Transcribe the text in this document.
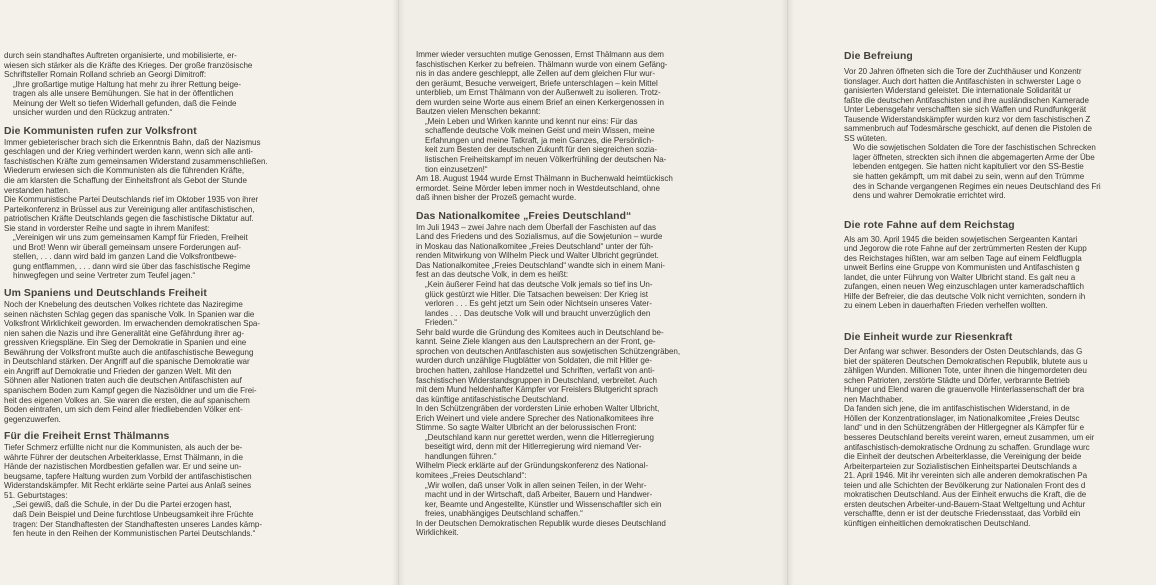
durch sein standhaftes Auftreten organisierte, und mobilisierte, er-
wiesen sich stärker als die Kräfte des Krieges. Der große französische
Schriftsteller Romain Rolland schrieb an Georgi Dimitroff:

„Ihre großartige mutige Haltung hat mehr zu ihrer Rettung beige-
tragen als alle unsere Bemühungen. Sie hat in der öffentlichen
Meinung der Welt so tiefen Widerhall gefunden, daß die Feinde
unsicher wurden und den Rückzug antraten.“

Die Kommunisten rufen zur Volksfront

Immer gebieterischer brach sich die Erkenntnis Bahn, daß der Nazismus
geschlagen und der Krieg verhindert werden kann, wenn sich alle anti-
faschistischen Kräfte zum gemeinsamen Widerstand zusammenschließen.
Wiederum erwiesen sich die Kommunisten als die führenden Kräfte,
die am klarsten die Schaffung der Einheitsfront als Gebot der Stunde
verstanden hatten.
Die Kommunistische Partei Deutschlands rief im Oktober 1935 von ihrer
Parteikonferenz in Brüssel aus zur Vereinigung aller antifaschistischen,
patriotischen Kräfte Deutschlands gegen die faschistische Diktatur auf.
Sie stand in vorderster Reihe und sagte in ihrem Manifest:

„Vereinigen wir uns zum gemeinsamen Kampf für Frieden, Freiheit
und Brot! Wenn wir überall gemeinsam unsere Forderungen auf-
stellen, . . . dann wird bald im ganzen Land die Volksfrontbewe-
gung entflammen, . . . dann wird sie über das faschistische Regime
hinwegfegen und seine Vertreter zum Teufel jagen.“

Um Spaniens und Deutschlands Freiheit

Noch der Knebelung des deutschen Volkes richtete das Naziregime
seinen nächsten Schlag gegen das spanische Volk. In Spanien war die
Volksfront Wirklichkeit geworden. Im erwachenden demokratischen Spa-
nien sahen die Nazis und ihre Generalität eine Gefährdung ihrer ag-
gressiven Kriegspläne. Ein Sieg der Demokratie in Spanien und eine
Bewährung der Volksfront mußte auch die antifaschistische Bewegung
in Deutschland stärken. Der Angriff auf die spanische Demokratie war
ein Angriff auf Demokratie und Frieden der ganzen Welt. Mit den
Söhnen aller Nationen traten auch die deutschen Antifaschisten auf
spanischem Boden zum Kampf gegen die Nazisöldner und um die Frei-
heit des eigenen Volkes an. Sie waren die ersten, die auf spanischem
Boden eintrafen, um sich dem Feind aller friedliebenden Völker ent-
gegenzuwerfen.

Für die Freiheit Ernst Thälmanns

Tiefer Schmerz erfüllte nicht nur die Kommunisten, als auch der be-
währte Führer der deutschen Arbeiterklasse, Ernst Thälmann, in die
Hände der nazistischen Mordbestien gefallen war. Er und seine un-
beugsame, tapfere Haltung wurden zum Vorbild der antifaschistischen
Widerstandskämpfer. Mit Recht erklärte seine Partei aus Anlaß seines
51. Geburtstages:

„Sei gewiß, daß die Schule, in der Du die Partei erzogen hast,
daß Dein Beispiel und Deine furchtlose Unbeugsamkeit ihre Früchte
tragen: Der Standhaftesten der Standhaftesten unseres Landes kämp-
fen heute in den Reihen der Kommunistischen Partei Deutschlands.“

Immer wieder versuchten mutige Genossen, Ernst Thälmann aus dem
faschistischen Kerker zu befreien. Thälmann wurde von einem Gefäng-
nis in das andere geschleppt, alle Zellen auf dem gleichen Flur wur-
den geräumt, Besuche verweigert, Briefe unterschlagen – kein Mittel
unterblieb, um Ernst Thälmann von der Außenwelt zu isolieren. Trotz-
dem wurden seine Worte aus einem Brief an einen Kerkergenossen in
Bautzen vielen Menschen bekannt:

„Mein Leben und Wirken kannte und kennt nur eins: Für das
schaffende deutsche Volk meinen Geist und mein Wissen, meine
Erfahrungen und meine Tatkraft, ja mein Ganzes, die Persönlich-
keit zum Besten der deutschen Zukunft für den siegreichen sozia-
listischen Freiheitskampf im neuen Völkerfrühling der deutschen Na-
tion einzusetzen!“

Am 18. August 1944 wurde Ernst Thälmann in Buchenwald heimtückisch
ermordet. Seine Mörder leben immer noch in Westdeutschland, ohne
daß ihnen bisher der Prozeß gemacht wurde.

Das Nationalkomitee „Freies Deutschland“

Im Juli 1943 – zwei Jahre nach dem Überfall der Faschisten auf das
Land des Friedens und des Sozialismus, auf die Sowjetunion – wurde
in Moskau das Nationalkomitee „Freies Deutschland“ unter der füh-
renden Mitwirkung von Wilhelm Pieck und Walter Ulbricht gegründet.
Das Nationalkomitee „Freies Deutschland“ wandte sich in einem Mani-
fest an das deutsche Volk, in dem es heißt:

„Kein äußerer Feind hat das deutsche Volk jemals so tief ins Un-
glück gestürzt wie Hitler. Die Tatsachen beweisen: Der Krieg ist
verloren . . . Es geht jetzt um Sein oder Nichtsein unseres Vater-
landes . . . Das deutsche Volk will und braucht unverzüglich den
Frieden.“

Sehr bald wurde die Gründung des Komitees auch in Deutschland be-
kannt. Seine Ziele klangen aus den Lautsprechern an der Front, ge-
sprochen von deutschen Antifaschisten aus sowjetischen Schützengräben,
wurden durch unzählige Flugblätter von Soldaten, die mit Hitler ge-
brochen hatten, zahllose Handzettel und Schriften, verfaßt von anti-
faschistischen Widerstandsgruppen in Deutschland, verbreitet. Auch
mit dem Mund heldenhafter Kämpfer vor Freislers Blutgericht sprach
das künftige antifaschistische Deutschland.
In den Schützengräben der vordersten Linie erhoben Walter Ulbricht,
Erich Weinert und viele andere Sprecher des Nationalkomitees ihre
Stimme. So sagte Walter Ulbricht an der belorussischen Front:

„Deutschland kann nur gerettet werden, wenn die Hitlerregierung
beseitigt wird, denn mit der Hitlerregierung wird niemand Ver-
handlungen führen.“

Wilhelm Pieck erklärte auf der Gründungskonferenz des National-
komitees „Freies Deutschland“:

„Wir wollen, daß unser Volk in allen seinen Teilen, in der Wehr-
macht und in der Wirtschaft, daß Arbeiter, Bauern und Handwer-
ker, Beamte und Angestellte, Künstler und Wissenschaftler sich ein
freies, unabhängiges Deutschland schaffen.“

In der Deutschen Demokratischen Republik wurde dieses Deutschland
Wirklichkeit.

Die Befreiung

Vor 20 Jahren öffneten sich die Tore der Zuchthäuser und Konzentr
tionslager. Auch dort hatten die Antifaschisten in schwerster Lage o
ganisierten Widerstand geleistet. Die internationale Solidarität ur
faßte die deutschen Antifaschisten und ihre ausländischen Kamerade
Unter Lebensgefahr verschafften sie sich Waffen und Rundfunkgerät
Tausende Widerstandskämpfer wurden kurz vor dem faschistischen Z
sammenbruch auf Todesmärsche geschickt, auf denen die Pistolen de
SS wüteten.

Wo die sowjetischen Soldaten die Tore der faschistischen Schrecken
lager öffneten, streckten sich ihnen die abgemagerten Arme der Übe
lebenden entgegen. Sie hatten nicht kapituliert vor den SS-Bestie
sie hatten gekämpft, um mit dabei zu sein, wenn auf den Trümme
des in Schande vergangenen Regimes ein neues Deutschland des Fri
dens und wahrer Demokratie errichtet wird.

Die rote Fahne auf dem Reichstag

Als am 30. April 1945 die beiden sowjetischen Sergeanten Kantari
und Jegorow die rote Fahne auf der zertrümmerten Resten der Kupp
des Reichstages hißten, war am selben Tage auf einem Feldflugpla
unweit Berlins eine Gruppe von Kommunisten und Antifaschisten g
landet, die unter Führung von Walter Ulbricht stand. Es galt neu a
zufangen, einen neuen Weg einzuschlagen unter kameradschaftlich
Hilfe der Befreier, die das deutsche Volk nicht vernichten, sondern ih
zu einem Leben in dauerhaften Frieden verhelfen wollten.

Die Einheit wurde zur Riesenkraft

Der Anfang war schwer. Besonders der Osten Deutschlands, das G
biet der späteren Deutschen Demokratischen Republik, blutete aus u
zähligen Wunden. Millionen Tote, unter ihnen die hingemordeten deu
schen Patrioten, zerstörte Städte und Dörfer, verbrannte Betrieb
Hunger und Elend waren die grauenvolle Hinterlassenschaft der bra
nen Machthaber.
Da fanden sich jene, die im antifaschistischen Widerstand, in de
Höllen der Konzentrationslager, im Nationalkomitee „Freies Deutsc
land“ und in den Schützengräben der Hitlergegner als Kämpfer für e
besseres Deutschland bereits vereint waren, erneut zusammen, um eir
antifaschistisch-demokratische Ordnung zu schaffen. Grundlage wurc
die Einheit der deutschen Arbeiterklasse, die Vereinigung der beide
Arbeiterparteien zur Sozialistischen Einheitspartei Deutschlands a
21. April 1946. Mit ihr vereinten sich alle anderen demokratischen Pa
teien und alle Schichten der Bevölkerung zur Nationalen Front des d
mokratischen Deutschland. Aus der Einheit erwuchs die Kraft, die de
ersten deutschen Arbeiter-und-Bauern-Staat Weltgeltung und Achtur
verschaffte, denn er ist der deutsche Friedensstaat, das Vorbild ein
künftigen einheitlichen demokratischen Deutschland.
